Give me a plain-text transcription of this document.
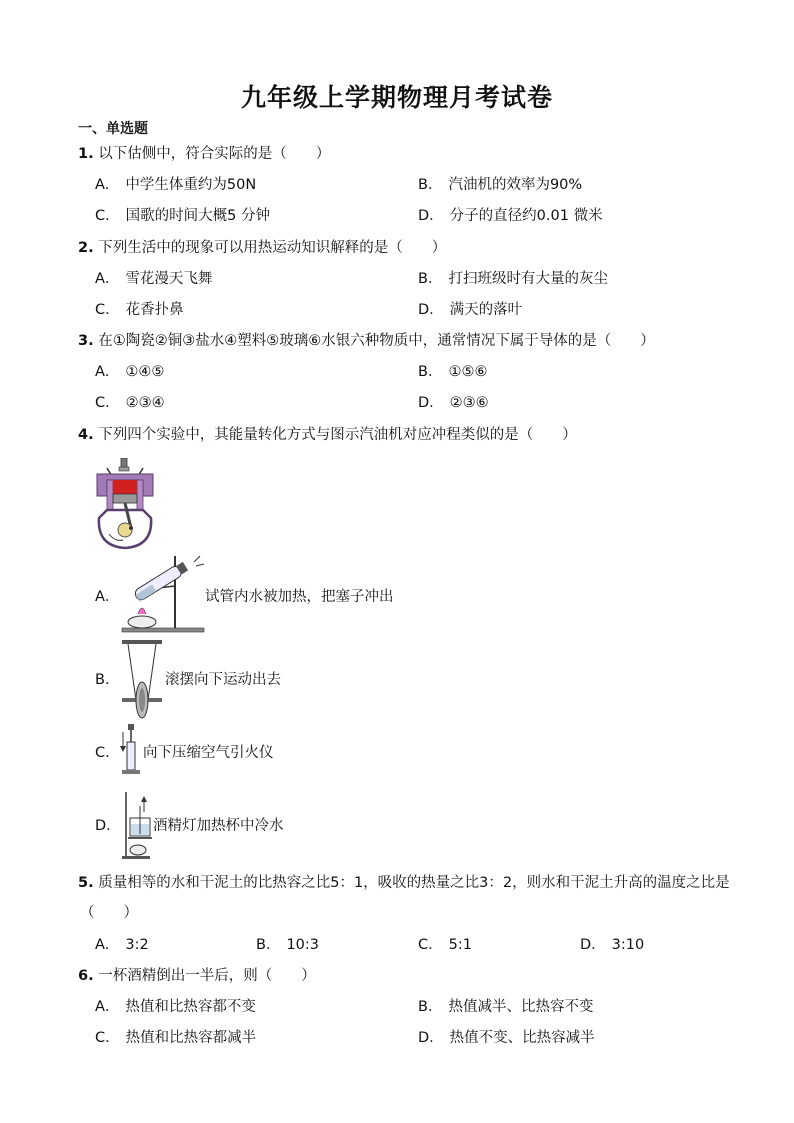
九年级上学期物理月考试卷
一、单选题
1. 以下估侧中，符合实际的是（　　）
A． 中学生体重约为50N	B． 汽油机的效率为90%
C． 国歌的时间大概5 分钟	D． 分子的直径约0.01 微米
2. 下列生活中的现象可以用热运动知识解释的是（　　）
A． 雪花漫天飞舞	B． 打扫班级时有大量的灰尘
C． 花香扑鼻	D． 满天的落叶
3. 在①陶瓷②铜③盐水④塑料⑤玻璃⑥水银六种物质中，通常情况下属于导体的是（　　）
A． ①④⑤	B． ①⑤⑥
C． ②③④	D． ②③⑥
4. 下列四个实验中，其能量转化方式与图示汽油机对应冲程类似的是（　　）
A．	试管内水被加热，把塞子冲出
B．	滚摆向下运动出去
C． 向下压缩空气引火仪
D． 酒精灯加热杯中冷水
5. 质量相等的水和干泥土的比热容之比5：1，吸收的热量之比3：2，则水和干泥土升高的温度之比是
（　　）
A． 3:2	B． 10:3	C． 5:1	D． 3:10
6. 一杯酒精倒出一半后，则（　　）
A． 热值和比热容都不变	B． 热值减半、比热容不变
C． 热值和比热容都减半	D． 热值不变、比热容减半
